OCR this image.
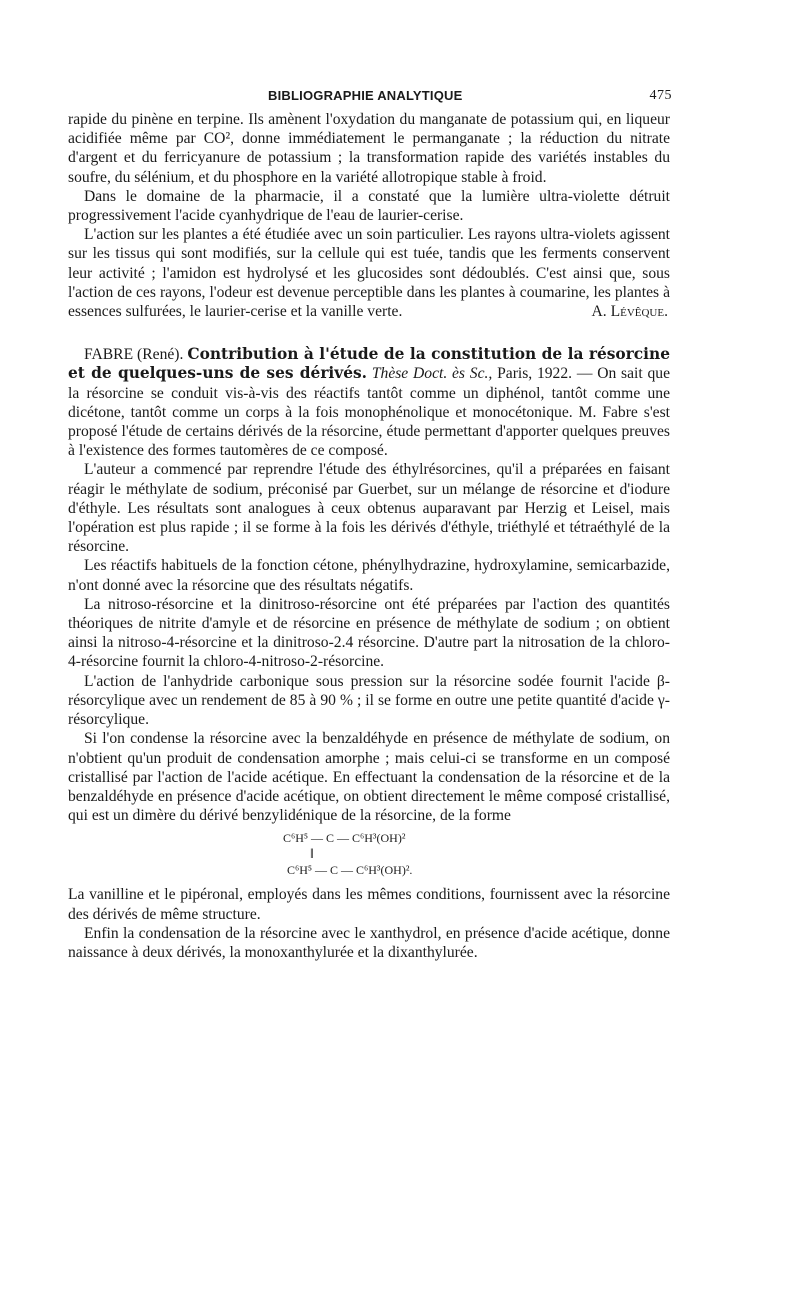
BIBLIOGRAPHIE ANALYTIQUE	475

rapide du pinène en terpine. Ils amènent l'oxydation du manganate de potassium qui, en liqueur acidifiée même par CO², donne immédiatement le permanganate ; la réduction du nitrate d'argent et du ferricyanure de potassium ; la transformation rapide des variétés instables du soufre, du sélénium, et du phosphore en la variété allotropique stable à froid.

Dans le domaine de la pharmacie, il a constaté que la lumière ultra-violette détruit progressivement l'acide cyanhydrique de l'eau de laurier-cerise.

L'action sur les plantes a été étudiée avec un soin particulier. Les rayons ultra-violets agissent sur les tissus qui sont modifiés, sur la cellule qui est tuée, tandis que les ferments conservent leur activité ; l'amidon est hydrolysé et les glucosides sont dédoublés. C'est ainsi que, sous l'action de ces rayons, l'odeur est devenue perceptible dans les plantes à coumarine, les plantes à essences sulfurées, le laurier-cerise et la vanille verte.	A. Lévêque.

FABRE (René). Contribution à l'étude de la constitution de la résorcine et de quelques-uns de ses dérivés. Thèse Doct. ès Sc., Paris, 1922. — On sait que la résorcine se conduit vis-à-vis des réactifs tantôt comme un diphénol, tantôt comme une dicétone, tantôt comme un corps à la fois monophénolique et monocétonique. M. Fabre s'est proposé l'étude de certains dérivés de la résorcine, étude permettant d'apporter quelques preuves à l'existence des formes tautomères de ce composé.

L'auteur a commencé par reprendre l'étude des éthylrésorcines, qu'il a préparées en faisant réagir le méthylate de sodium, préconisé par Guerbet, sur un mélange de résorcine et d'iodure d'éthyle. Les résultats sont analogues à ceux obtenus auparavant par Herzig et Leisel, mais l'opération est plus rapide ; il se forme à la fois les dérivés d'éthyle, triéthylé et tétraéthylé de la résorcine.

Les réactifs habituels de la fonction cétone, phénylhydrazine, hydroxylamine, semicarbazide, n'ont donné avec la résorcine que des résultats négatifs.

La nitroso-résorcine et la dinitroso-résorcine ont été préparées par l'action des quantités théoriques de nitrite d'amyle et de résorcine en présence de méthylate de sodium ; on obtient ainsi la nitroso-4-résorcine et la dinitroso-2.4 résorcine. D'autre part la nitrosation de la chloro-4-résorcine fournit la chloro-4-nitroso-2-résorcine.

L'action de l'anhydride carbonique sous pression sur la résorcine sodée fournit l'acide β-résorcylique avec un rendement de 85 à 90 % ; il se forme en outre une petite quantité d'acide γ-résorcylique.

Si l'on condense la résorcine avec la benzaldéhyde en présence de méthylate de sodium, on n'obtient qu'un produit de condensation amorphe ; mais celui-ci se transforme en un composé cristallisé par l'action de l'acide acétique. En effectuant la condensation de la résorcine et de la benzaldéhyde en présence d'acide acétique, on obtient directement le même composé cristallisé, qui est un dimère du dérivé benzylidénique de la résorcine, de la forme

C⁶H⁵ — C — C⁶H³(OH)²
‖
C⁶H⁵ — C — C⁶H³(OH)².

La vanilline et le pipéronal, employés dans les mêmes conditions, fournissent avec la résorcine des dérivés de même structure.

Enfin la condensation de la résorcine avec le xanthydrol, en présence d'acide acétique, donne naissance à deux dérivés, la monoxanthylurée et la dixanthylurée.
